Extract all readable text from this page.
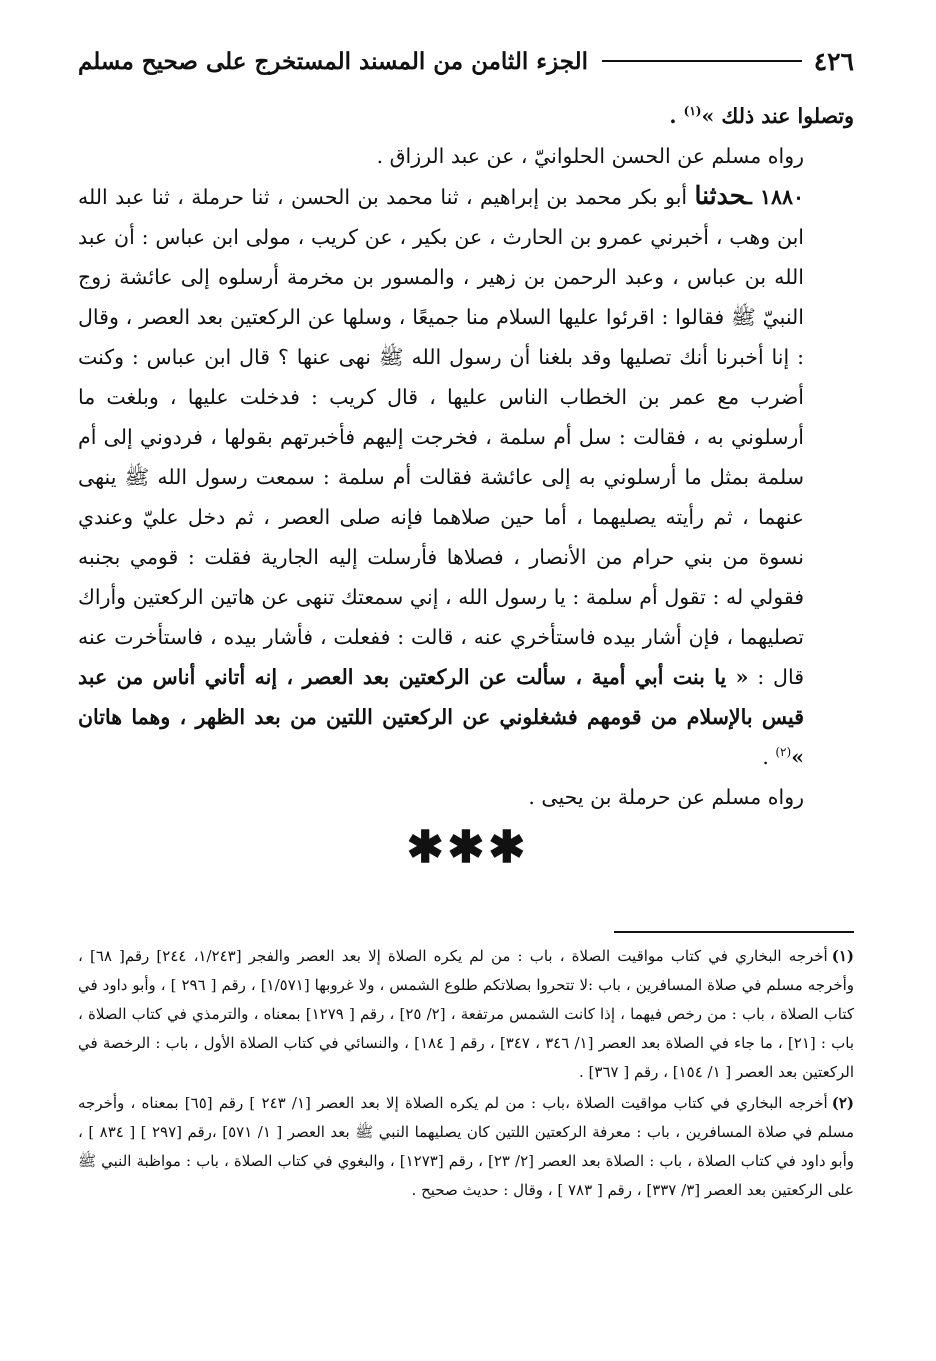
٤٢٦
الجزء الثامن من المسند المستخرج على صحيح مسلم

وتصلوا عند ذلك »$^{(١)}$ .

رواه مسلم عن الحسن الحلوانيّ ، عن عبد الرزاق .

١٨٨٠ ـحدثنا أبو بكر محمد بن إبراهيم ، ثنا محمد بن الحسن ، ثنا حرملة ، ثنا عبد الله ابن وهب ، أخبرني عمرو بن الحارث ، عن بكير ، عن كريب ، مولى ابن عباس : أن عبد الله بن عباس ، وعبد الرحمن بن زهير ، والمسور بن مخرمة أرسلوه إلى عائشة زوج النبيّ ﷺ فقالوا : اقرئوا عليها السلام منا جميعًا ، وسلها عن الركعتين بعد العصر ، وقال : إنا أخبرنا أنك تصليها وقد بلغنا أن رسول الله ﷺ نهى عنها ؟ قال ابن عباس : وكنت أضرب مع عمر بن الخطاب الناس عليها ، قال كريب : فدخلت عليها ، وبلغت ما أرسلوني به ، فقالت : سل أم سلمة ، فخرجت إليهم فأخبرتهم بقولها ، فردوني إلى أم سلمة بمثل ما أرسلوني به إلى عائشة فقالت أم سلمة : سمعت رسول الله ﷺ ينهى عنهما ، ثم رأيته يصليهما ، أما حين صلاهما فإنه صلى العصر ، ثم دخل عليّ وعندي نسوة من بني حرام من الأنصار ، فصلاها فأرسلت إليه الجارية فقلت : قومي بجنبه فقولي له : تقول أم سلمة : يا رسول الله ، إني سمعتك تنهى عن هاتين الركعتين وأراك تصليهما ، فإن أشار بيده فاستأخري عنه ، قالت : ففعلت ، فأشار بيده ، فاستأخرت عنه قال : « يا بنت أبي أمية ، سألت عن الركعتين بعد العصر ، إنه أتاني أناس من عبد قيس بالإسلام من قومهم فشغلوني عن الركعتين اللتين من بعد الظهر ، وهما هاتان »$^{(٢)}$ .

رواه مسلم عن حرملة بن يحيى .

✱✱✱

(١)أخرجه البخاري في كتاب مواقيت الصلاة ، باب : من لم يكره الصلاة إلا بعد العصر والفجر [١/٢٤٣، ٢٤٤] رقم[ ٦٨] ، وأخرجه مسلم في صلاة المسافرين ، باب :لا تتحروا بصلاتكم طلوع الشمس ، ولا غروبها [١/٥٧١] ، رقم [ ٢٩٦ ] ، وأبو داود في كتاب الصلاة ، باب : من رخص فيهما ، إذا كانت الشمس مرتفعة ، [٢/ ٢٥] ، رقم [ ١٢٧٩] بمعناه ، والترمذي في كتاب الصلاة ، باب : [٢١] ، ما جاء في الصلاة بعد العصر [١/ ٣٤٦ ، ٣٤٧] ، رقم [ ١٨٤] ، والنسائي في كتاب الصلاة الأول ، باب : الرخصة في الركعتين بعد العصر [ ١/ ١٥٤] ، رقم [ ٣٦٧] .

(٢)أخرجه البخاري في كتاب مواقيت الصلاة ،باب : من لم يكره الصلاة إلا بعد العصر [١/ ٢٤٣ ] رقم [٦٥] بمعناه ، وأخرجه مسلم في صلاة المسافرين ، باب : معرفة الركعتين اللتين كان يصليهما النبي ﷺ بعد العصر [ ١/ ٥٧١] ،رقم [٢٩٧ ] [ ٨٣٤ ] ، وأبو داود في كتاب الصلاة ، باب : الصلاة بعد العصر [٢/ ٢٣] ، رقم [١٢٧٣] ، والبغوي في كتاب الصلاة ، باب : مواظبة النبي ﷺ على الركعتين بعد العصر [٣/ ٣٣٧] ، رقم [ ٧٨٣ ] ، وقال : حديث صحيح .
